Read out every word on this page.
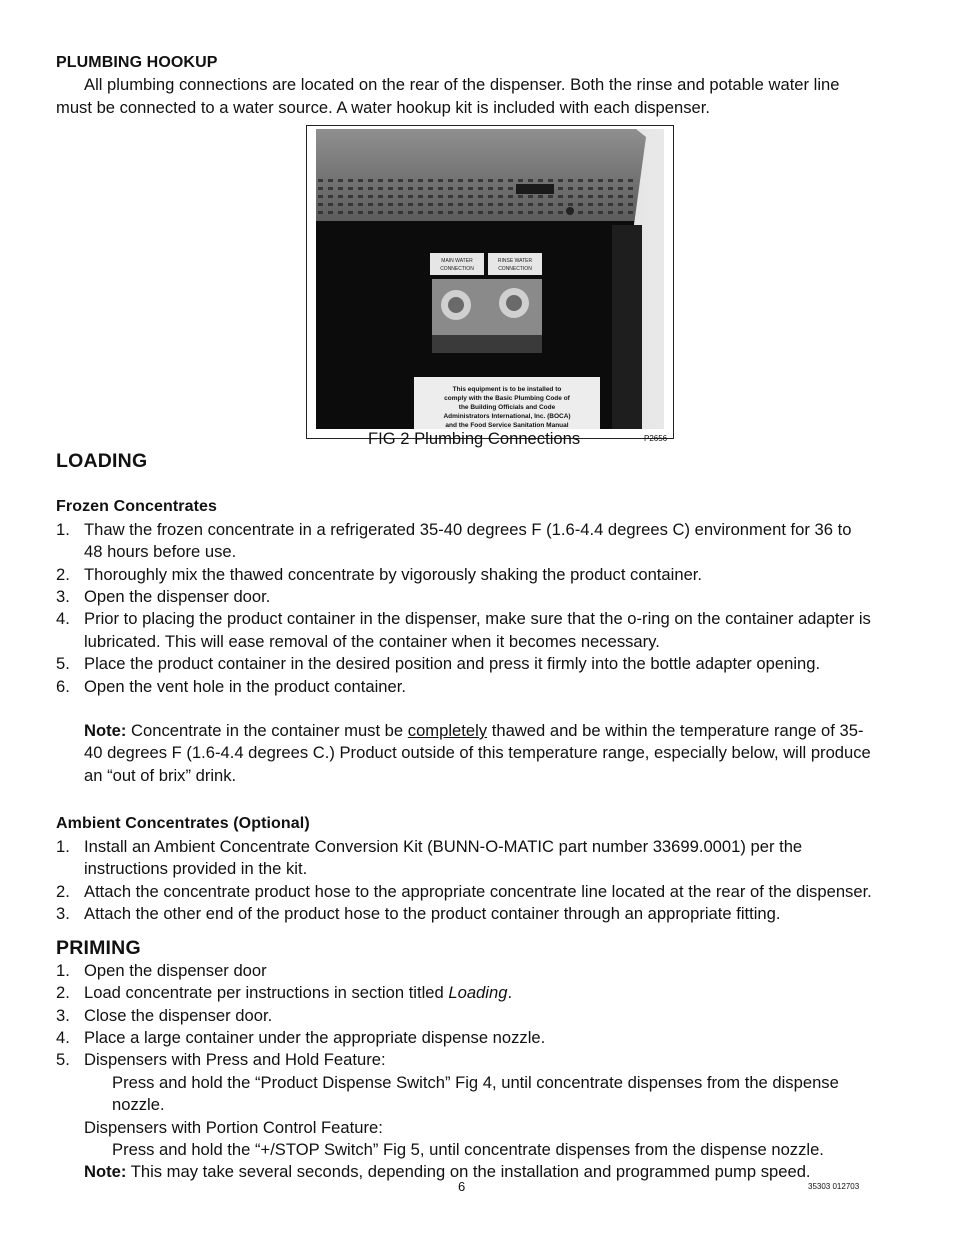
PLUMBING HOOKUP

All plumbing connections are located on the rear of the dispenser. Both the rinse and potable water line must be connected to a water source. A water hookup kit is included with each dispenser.

MAIN WATER
CONNECTION
RINSE WATER
CONNECTION
This equipment is to be installed to
comply with the Basic Plumbing Code of
the Building Officials and Code
Administrators International, Inc. (BOCA)
and the Food Service Sanitation Manual
FIG 2 Plumbing Connections	P2656
LOADING
Frozen Concentrates
1. Thaw the frozen concentrate in a refrigerated 35-40 degrees F (1.6-4.4 degrees C) environment for 36 to 48 hours before use.
2. Thoroughly mix the thawed concentrate by vigorously shaking the product container.
3. Open the dispenser door.
4. Prior to placing the product container in the dispenser, make sure that the o-ring on the container adapter is lubricated. This will ease removal of the container when it becomes necessary.
5. Place the product container in the desired position and press it firmly into the bottle adapter opening.
6. Open the vent hole in the product container.

Note: Concentrate in the container must be completely thawed and be within the temperature range of 35-40 degrees F (1.6-4.4 degrees C.) Product outside of this temperature range, especially below, will produce an “out of brix” drink.

Ambient Concentrates (Optional)
1. Install an Ambient Concentrate Conversion Kit (BUNN-O-MATIC part number 33699.0001) per the instructions provided in the kit.
2. Attach the concentrate product hose to the appropriate concentrate line located at the rear of the dispenser.
3. Attach the other end of the product hose to the product container through an appropriate fitting.
PRIMING
1. Open the dispenser door
2. Load concentrate per instructions in section titled Loading.
3. Close the dispenser door.
4. Place a large container under the appropriate dispense nozzle.
5. Dispensers with Press and Hold Feature:

Press and hold the “Product Dispense Switch” Fig 4, until concentrate dispenses from the dispense nozzle.

Dispensers with Portion Control Feature:

Press and hold the “+/STOP Switch” Fig 5, until concentrate dispenses from the dispense nozzle.

Note: This may take several seconds, depending on the installation and programmed pump speed.

6	35303 012703
